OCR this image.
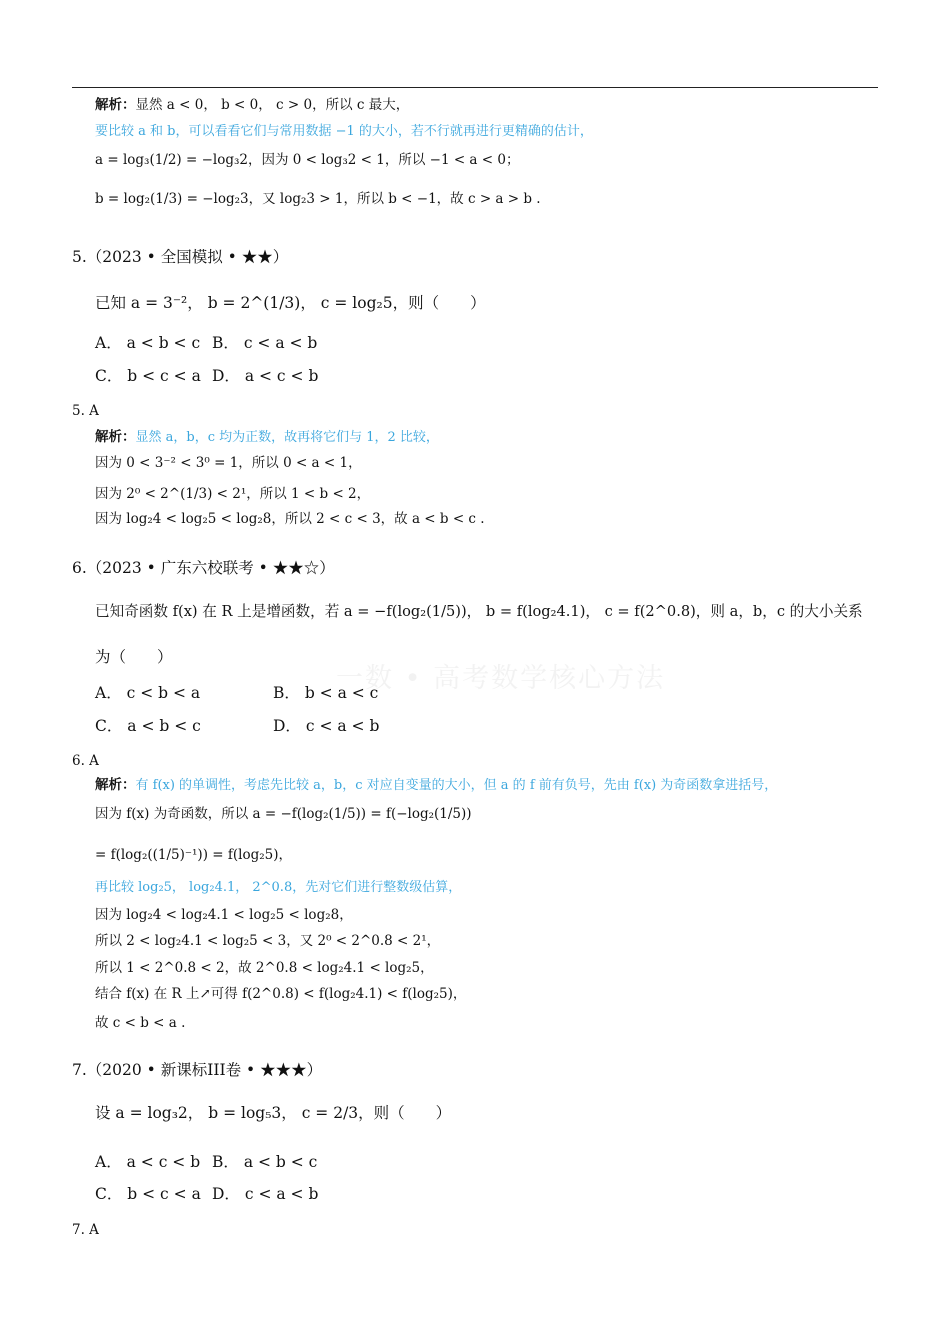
一数 • 高考数学核心方法
解析：显然 a < 0， b < 0， c > 0，所以 c 最大，
要比较 a 和 b，可以看看它们与常用数据 −1 的大小，若不行就再进行更精确的估计，
a = log₃(1/2) = −log₃2，因为 0 < log₃2 < 1，所以 −1 < a < 0；
b = log₂(1/3) = −log₂3，又 log₂3 > 1，所以 b < −1，故 c > a > b .
5.（2023 • 全国模拟 • ★★）
已知 a = 3⁻²， b = 2^(1/3)， c = log₂5，则（　　）
A． a < b < c B． c < a < b
C． b < c < a D． a < c < b
5. A
解析：显然 a，b，c 均为正数，故再将它们与 1，2 比较，
因为 0 < 3⁻² < 3⁰ = 1，所以 0 < a < 1，
因为 2⁰ < 2^(1/3) < 2¹，所以 1 < b < 2，
因为 log₂4 < log₂5 < log₂8，所以 2 < c < 3，故 a < b < c .
6.（2023 • 广东六校联考 • ★★☆）
已知奇函数 f(x) 在 R 上是增函数，若 a = −f(log₂(1/5))， b = f(log₂4.1)， c = f(2^0.8)，则 a，b，c 的大小关系
为（　　）
A． c < b < a	B． b < a < c
C． a < b < c	D． c < a < b
6. A
解析：有 f(x) 的单调性，考虑先比较 a，b，c 对应自变量的大小，但 a 的 f 前有负号，先由 f(x) 为奇函数拿进括号，
因为 f(x) 为奇函数，所以 a = −f(log₂(1/5)) = f(−log₂(1/5))
= f(log₂((1/5)⁻¹)) = f(log₂5)，
再比较 log₂5， log₂4.1， 2^0.8，先对它们进行整数级估算，
因为 log₂4 < log₂4.1 < log₂5 < log₂8，
所以 2 < log₂4.1 < log₂5 < 3，又 2⁰ < 2^0.8 < 2¹，
所以 1 < 2^0.8 < 2，故 2^0.8 < log₂4.1 < log₂5，
结合 f(x) 在 R 上↗可得 f(2^0.8) < f(log₂4.1) < f(log₂5)，
故 c < b < a .
7.（2020 • 新课标III卷 • ★★★）
设 a = log₃2， b = log₅3， c = 2/3，则（　　）
A． a < c < b B． a < b < c
C． b < c < a D． c < a < b
7. A
